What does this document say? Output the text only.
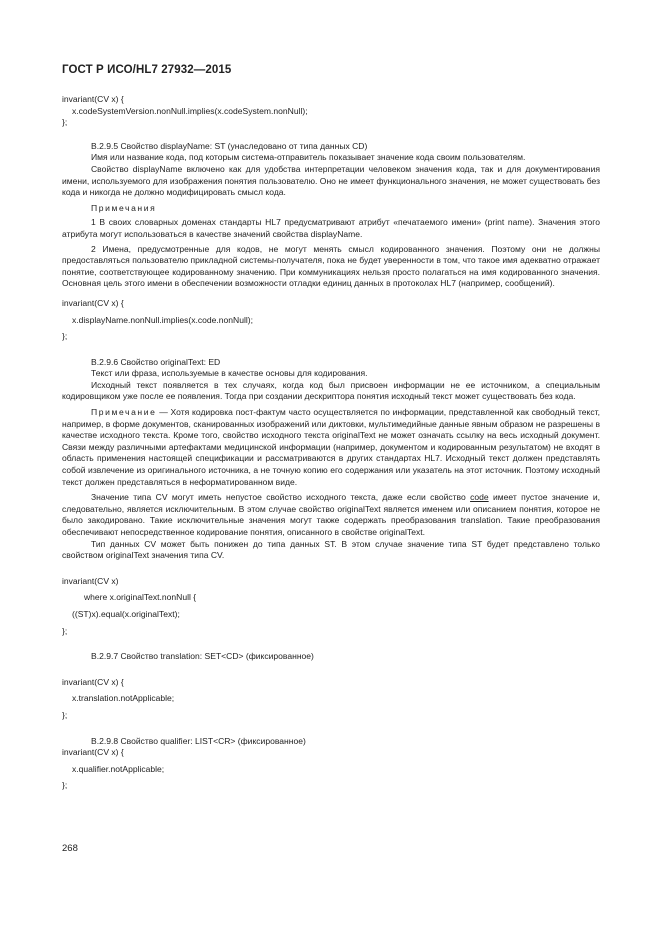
ГОСТ Р ИСО/HL7 27932—2015

invariant(CV x) {

x.codeSystemVersion.nonNull.implies(x.codeSystem.nonNull);

};

B.2.9.5 Свойство displayName: ST (унаследовано от типа данных CD)

Имя или название кода, под которым система-отправитель показывает значение кода своим пользователям.

Свойство displayName включено как для удобства интерпретации человеком значения кода, так и для документирования имени, используемого для изображения понятия пользователю. Оно не имеет функционального значения, не может существовать без кода и никогда не должно модифицировать смысл кода.

Примечания

1 В своих словарных доменах стандарты HL7 предусматривают атрибут «печатаемого имени» (print name). Значения этого атрибута могут использоваться в качестве значений свойства displayName.

2 Имена, предусмотренные для кодов, не могут менять смысл кодированного значения. Поэтому они не должны предоставляться пользователю прикладной системы-получателя, пока не будет уверенности в том, что такое имя адекватно отражает понятие, соответствующее кодированному значению. При коммуникациях нельзя просто полагаться на имя кодированного значения. Основная цель этого имени в обеспечении возможности отладки единиц данных в протоколах HL7 (например, сообщений).

invariant(CV x) {

x.displayName.nonNull.implies(x.code.nonNull);

};

B.2.9.6 Свойство originalText: ED

Текст или фраза, используемые в качестве основы для кодирования.

Исходный текст появляется в тех случаях, когда код был присвоен информации не ее источником, а специальным кодировщиком уже после ее появления. Тогда при создании дескриптора понятия исходный текст может существовать без кода.

Примечание — Хотя кодировка пост-фактум часто осуществляется по информации, представленной как свободный текст, например, в форме документов, сканированных изображений или диктовки, мультимедийные данные явным образом не разрешены в качестве исходного текста. Кроме того, свойство исходного текста originalText не может означать ссылку на весь исходный документ. Связи между различными артефактами медицинской информации (например, документом и кодированным результатом) не входят в область применения настоящей спецификации и рассматриваются в других стандартах HL7. Исходный текст должен представлять собой извлечение из оригинального источника, а не точную копию его содержания или указатель на этот источник. Поэтому исходный текст должен представляться в неформатированном виде.

Значение типа CV могут иметь непустое свойство исходного текста, даже если свойство code имеет пустое значение и, следовательно, является исключительным. В этом случае свойство originalText является именем или описанием понятия, которое не было закодировано. Такие исключительные значения могут также содержать преобразования translation. Такие преобразования обеспечивают непосредственное кодирование понятия, описанного в свойстве originalText.

Тип данных CV может быть понижен до типа данных ST. В этом случае значение типа ST будет представлено только свойством originalText значения типа CV.

invariant(CV x)

where x.originalText.nonNull {

((ST)x).equal(x.originalText);

};

B.2.9.7 Свойство translation: SET<CD> (фиксированное)

invariant(CV x) {

x.translation.notApplicable;

};

B.2.9.8 Свойство qualifier: LIST<CR> (фиксированное)

invariant(CV x) {

x.qualifier.notApplicable;

};

268
